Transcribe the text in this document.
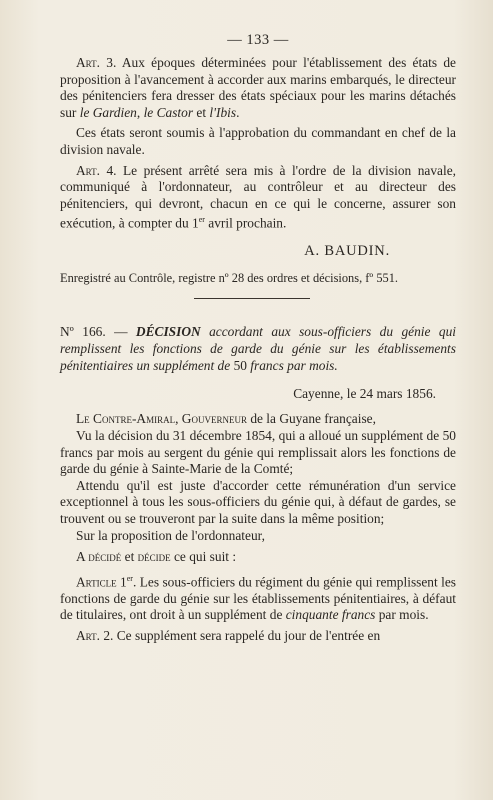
— 133 —

Art. 3. Aux époques déterminées pour l'établissement des états de proposition à l'avancement à accorder aux marins embarqués, le directeur des pénitenciers fera dresser des états spéciaux pour les marins détachés sur le Gardien, le Castor et l'Ibis.

Ces états seront soumis à l'approbation du commandant en chef de la division navale.

Art. 4. Le présent arrêté sera mis à l'ordre de la division navale, communiqué à l'ordonnateur, au contrôleur et au directeur des pénitenciers, qui devront, chacun en ce qui le concerne, assurer son exécution, à compter du 1er avril prochain.

A. BAUDIN.

Enregistré au Contrôle, registre nº 28 des ordres et décisions, fº 551.

Nº 166. — DÉCISION accordant aux sous-officiers du génie qui remplissent les fonctions de garde du génie sur les établissements pénitentiaires un supplément de 50 francs par mois.

Cayenne, le 24 mars 1856.

Le Contre-Amiral, Gouverneur de la Guyane française,

Vu la décision du 31 décembre 1854, qui a alloué un supplément de 50 francs par mois au sergent du génie qui remplissait alors les fonctions de garde du génie à Sainte-Marie de la Comté;

Attendu qu'il est juste d'accorder cette rémunération d'un service exceptionnel à tous les sous-officiers du génie qui, à défaut de gardes, se trouvent ou se trouveront par la suite dans la même position;

Sur la proposition de l'ordonnateur,

A décidé et décide ce qui suit :

Article 1er. Les sous-officiers du régiment du génie qui remplissent les fonctions de garde du génie sur les établissements pénitentiaires, à défaut de titulaires, ont droit à un supplément de cinquante francs par mois.

Art. 2. Ce supplément sera rappelé du jour de l'entrée en
